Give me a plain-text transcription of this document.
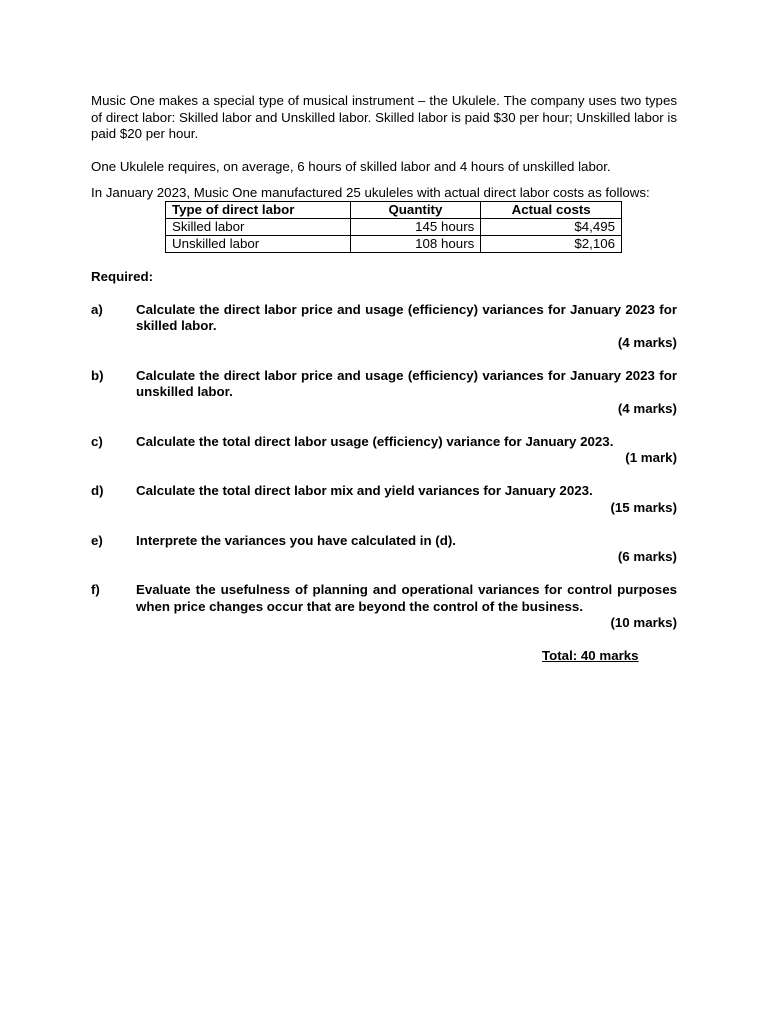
Music One makes a special type of musical instrument – the Ukulele. The company uses two types of direct labor: Skilled labor and Unskilled labor. Skilled labor is paid $30 per hour; Unskilled labor is paid $20 per hour.

One Ukulele requires, on average, 6 hours of skilled labor and 4 hours of unskilled labor.

In January 2023, Music One manufactured 25 ukuleles with actual direct labor costs as follows:

Type of direct labor	Quantity	Actual costs
Skilled labor	145 hours	$4,495
Unskilled labor	108 hours	$2,106
Required:
a)	Calculate the direct labor price and usage (efficiency) variances for January 2023 for skilled labor.
(4 marks)
b)	Calculate the direct labor price and usage (efficiency) variances for January 2023 for unskilled labor.
(4 marks)
c)	Calculate the total direct labor usage (efficiency) variance for January 2023.
(1 mark)
d)	Calculate the total direct labor mix and yield variances for January 2023.
(15 marks)
e)	Interprete the variances you have calculated in (d).
(6 marks)
f)	Evaluate the usefulness of planning and operational variances for control purposes when price changes occur that are beyond the control of the business.
(10 marks)
Total: 40 marks
